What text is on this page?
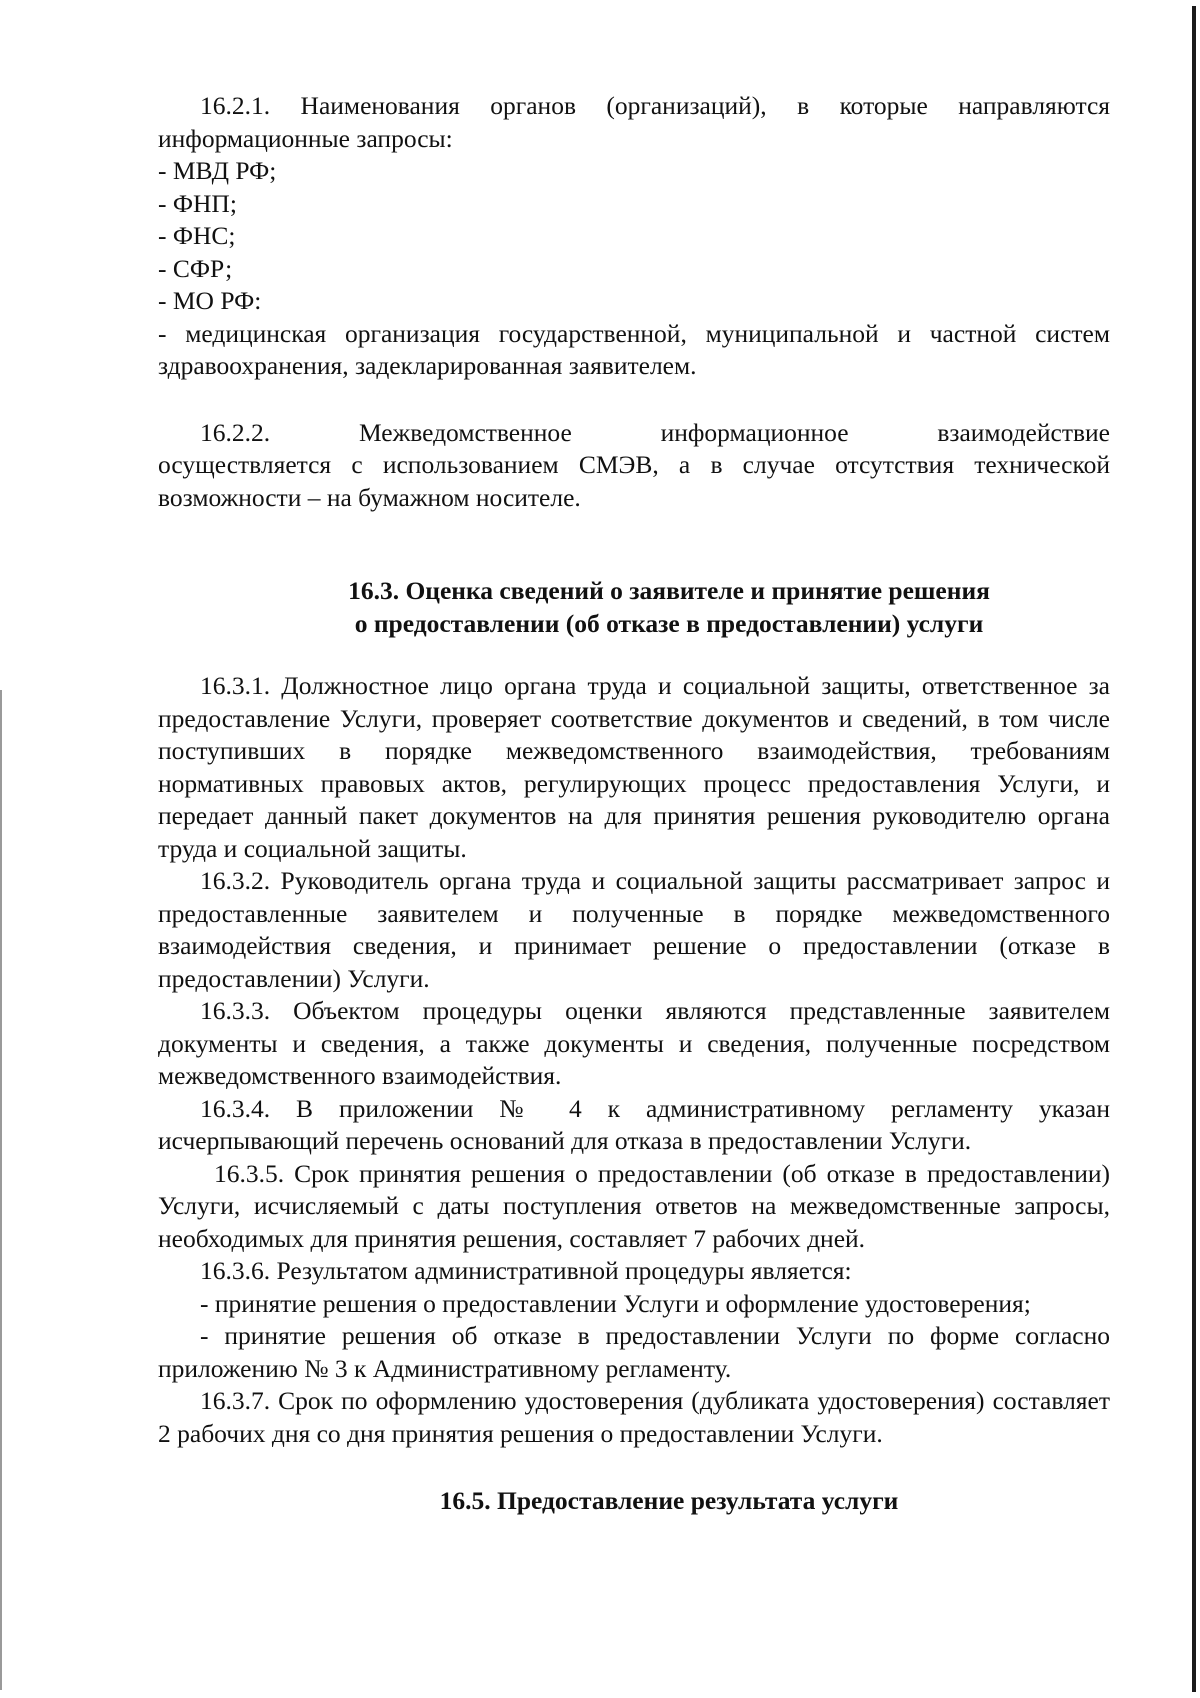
16.2.1. Наименования органов (организаций), в которые направляются информационные запросы:

- МВД РФ;

- ФНП;

- ФНС;

- СФР;

- МО РФ:

- медицинская организация государственной, муниципальной и частной систем здравоохранения, задекларированная заявителем.

16.2.2. Межведомственное информационное взаимодействие

осуществляется с использованием СМЭВ, а в случае отсутствия технической возможности – на бумажном носителе.

16.3. Оценка сведений о заявителе и принятие решения

о предоставлении (об отказе в предоставлении) услуги

16.3.1. Должностное лицо органа труда и социальной защиты, ответственное за предоставление Услуги, проверяет соответствие документов и сведений, в том числе поступивших в порядке межведомственного взаимодействия, требованиям нормативных правовых актов, регулирующих процесс предоставления Услуги, и передает данный пакет документов на для принятия решения руководителю органа труда и социальной защиты.

16.3.2. Руководитель органа труда и социальной защиты рассматривает запрос и предоставленные заявителем и полученные в порядке межведомственного взаимодействия сведения, и принимает решение о предоставлении (отказе в предоставлении) Услуги.

16.3.3. Объектом процедуры оценки являются представленные заявителем документы и сведения, а также документы и сведения, полученные посредством межведомственного взаимодействия.

16.3.4. В приложении № 4 к административному регламенту указан исчерпывающий перечень оснований для отказа в предоставлении Услуги.

16.3.5. Срок принятия решения о предоставлении (об отказе в предоставлении) Услуги, исчисляемый с даты поступления ответов на межведомственные запросы, необходимых для принятия решения, составляет 7 рабочих дней.

16.3.6. Результатом административной процедуры является:

- принятие решения о предоставлении Услуги и оформление удостоверения;

- принятие решения об отказе в предоставлении Услуги по форме согласно приложению № 3 к Административному регламенту.

16.3.7. Срок по оформлению удостоверения (дубликата удостоверения) составляет 2 рабочих дня со дня принятия решения о предоставлении Услуги.

16.5. Предоставление результата услуги
